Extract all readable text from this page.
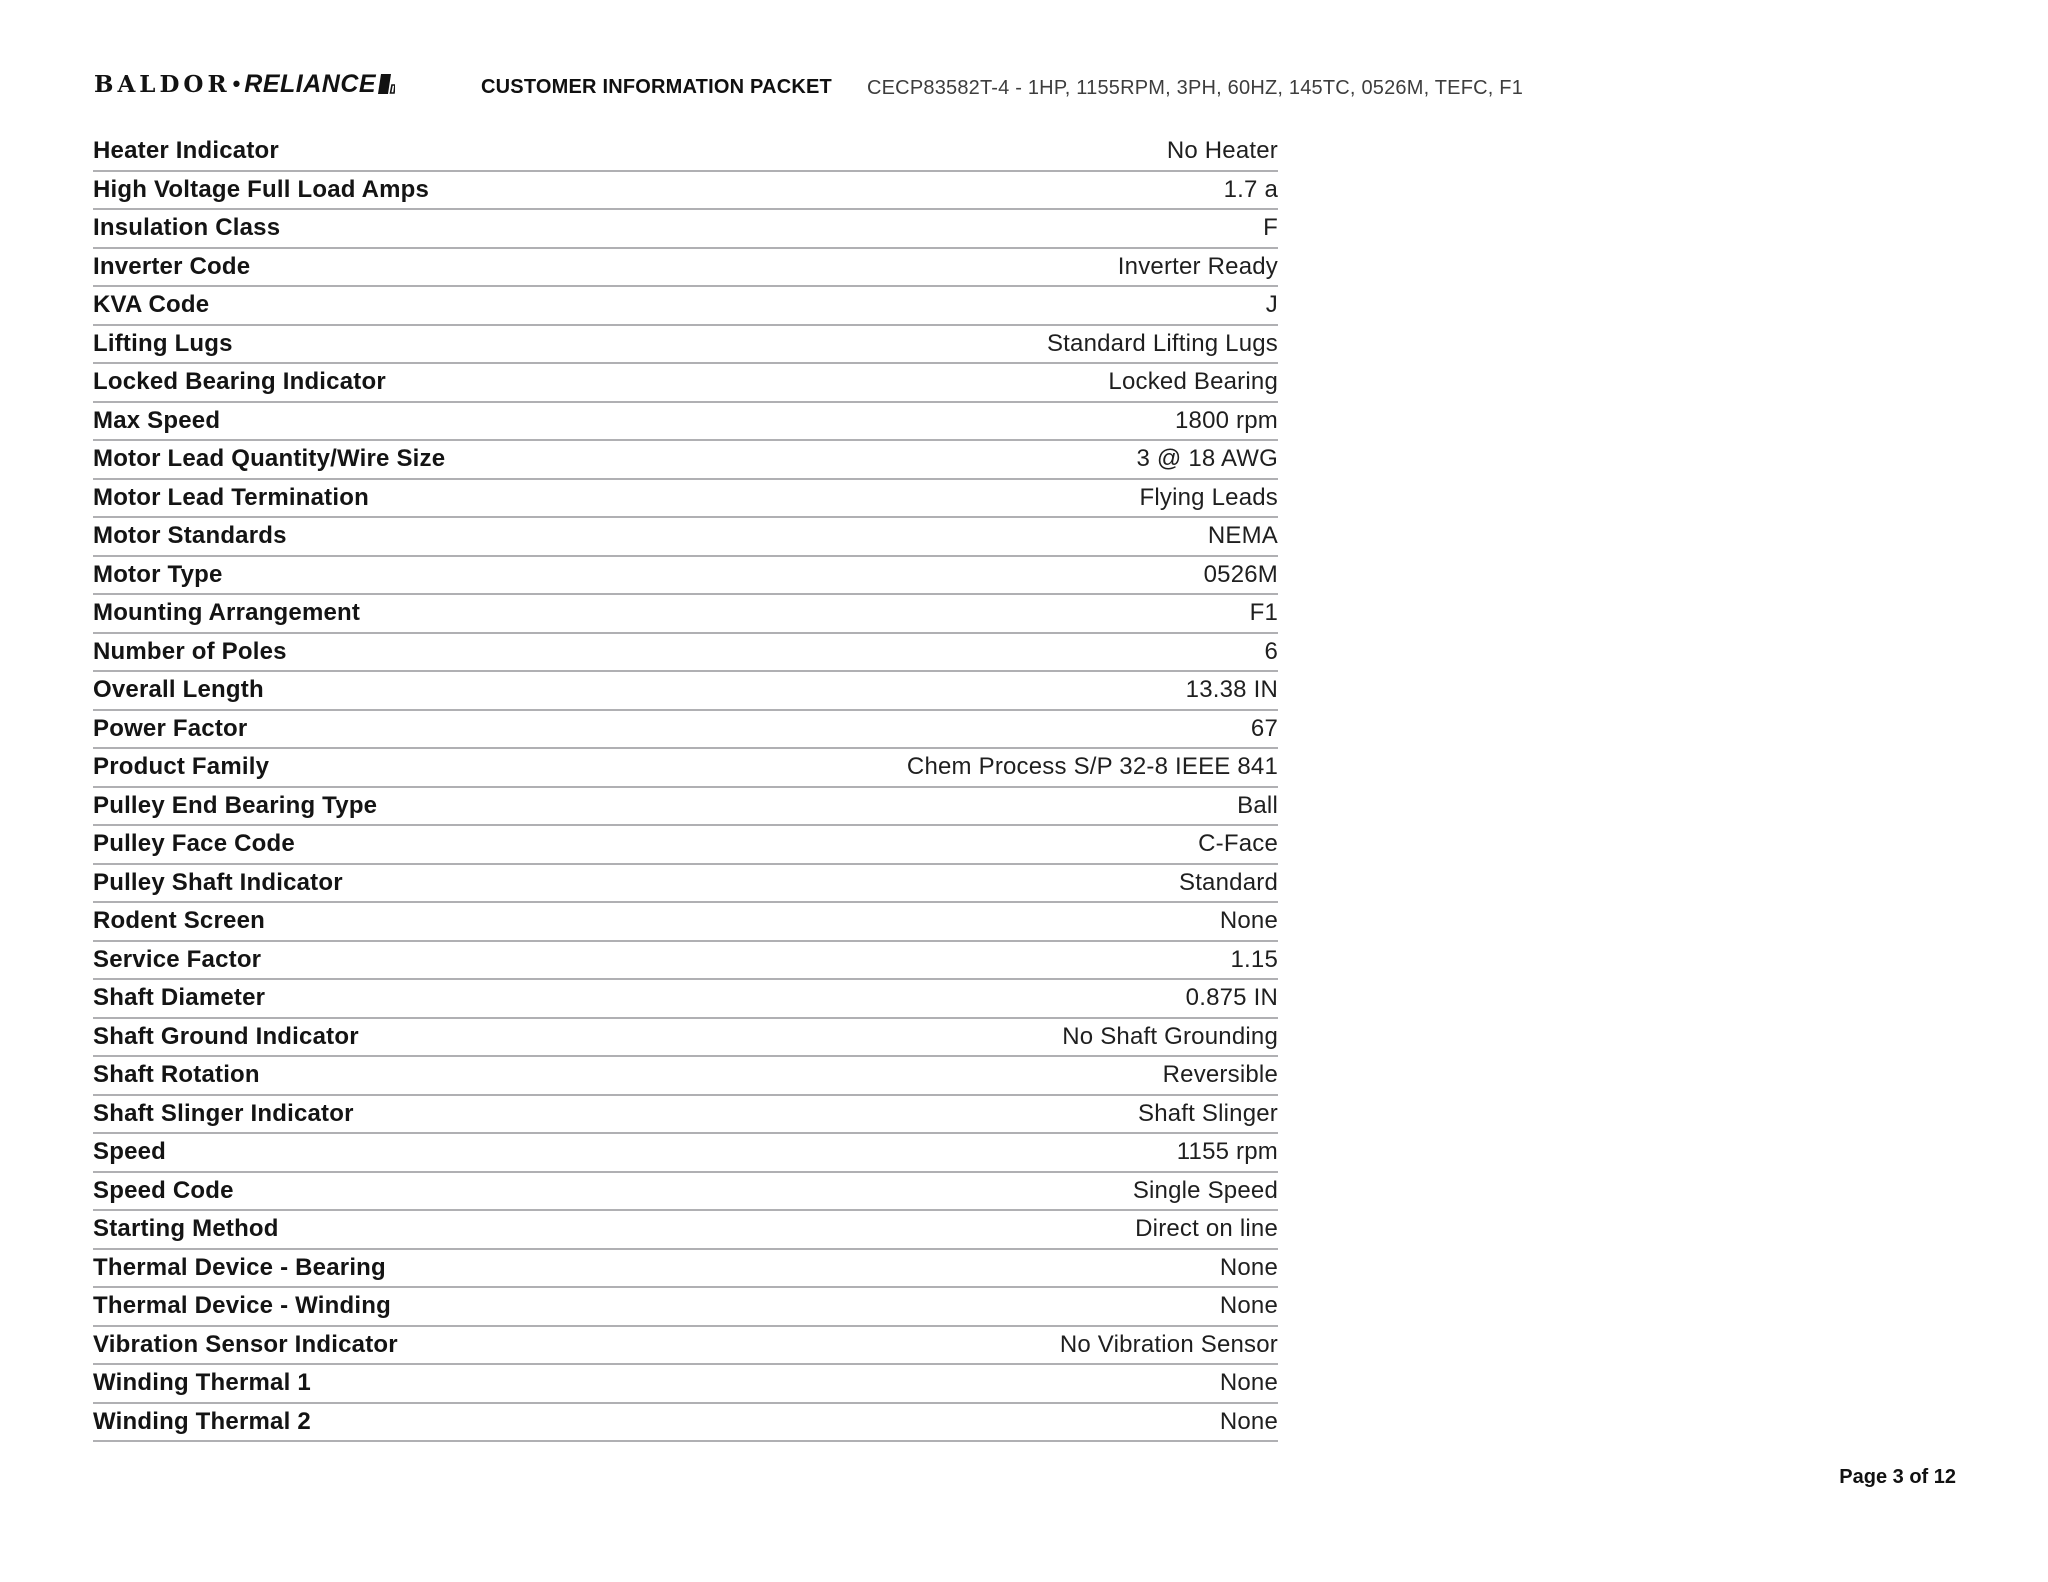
BALDOR • RELIANCE	CUSTOMER INFORMATION PACKET CECP83582T-4 - 1HP, 1155RPM, 3PH, 60HZ, 145TC, 0526M, TEFC, F1
Heater Indicator	No Heater
High Voltage Full Load Amps	1.7 a
Insulation Class	F
Inverter Code	Inverter Ready
KVA Code	J
Lifting Lugs	Standard Lifting Lugs
Locked Bearing Indicator	Locked Bearing
Max Speed	1800 rpm
Motor Lead Quantity/Wire Size	3 @ 18 AWG
Motor Lead Termination	Flying Leads
Motor Standards	NEMA
Motor Type	0526M
Mounting Arrangement	F1
Number of Poles	6
Overall Length	13.38 IN
Power Factor	67
Product Family	Chem Process S/P 32-8 IEEE 841
Pulley End Bearing Type	Ball
Pulley Face Code	C-Face
Pulley Shaft Indicator	Standard
Rodent Screen	None
Service Factor	1.15
Shaft Diameter	0.875 IN
Shaft Ground Indicator	No Shaft Grounding
Shaft Rotation	Reversible
Shaft Slinger Indicator	Shaft Slinger
Speed	1155 rpm
Speed Code	Single Speed
Starting Method	Direct on line
Thermal Device - Bearing	None
Thermal Device - Winding	None
Vibration Sensor Indicator	No Vibration Sensor
Winding Thermal 1	None
Winding Thermal 2	None
Page 3 of 12
